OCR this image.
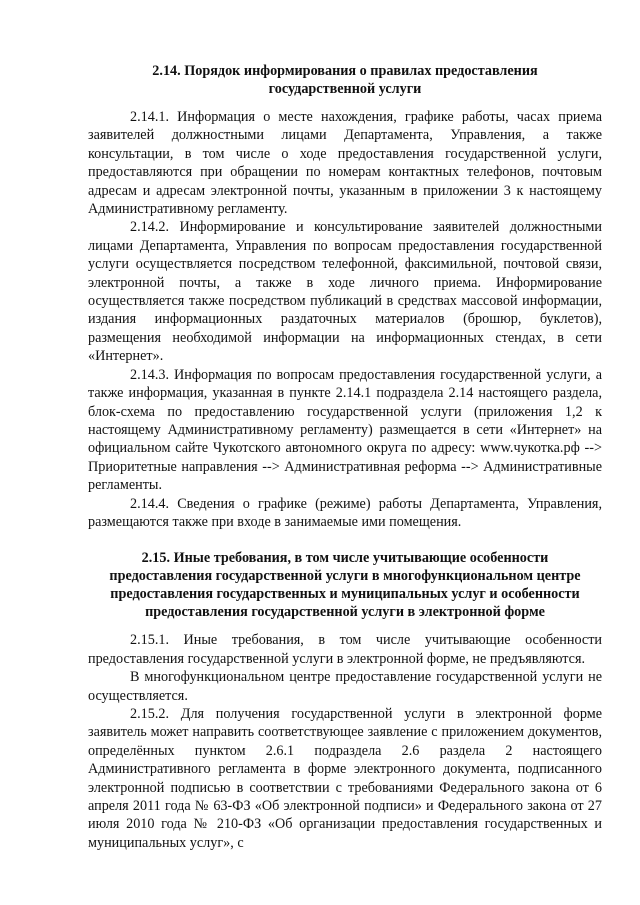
2.14. Порядок информирования о правилах предоставления
государственной услуги

2.14.1. Информация о месте нахождения, графике работы, часах приема заявителей должностными лицами Департамента, Управления, а также консультации, в том числе о ходе предоставления государственной услуги, предоставляются при обращении по номерам контактных телефонов, почтовым адресам и адресам электронной почты, указанным в приложении 3 к настоящему Административному регламенту.

2.14.2. Информирование и консультирование заявителей должностными лицами Департамента, Управления по вопросам предоставления государственной услуги осуществляется посредством телефонной, факсимильной, почтовой связи, электронной почты, а также в ходе личного приема. Информирование осуществляется также посредством публикаций в средствах массовой информации, издания информационных раздаточных материалов (брошюр, буклетов), размещения необходимой информации на информационных стендах, в сети «Интернет».

2.14.3. Информация по вопросам предоставления государственной услуги, а также информация, указанная в пункте 2.14.1 подраздела 2.14 настоящего раздела, блок-схема по предоставлению государственной услуги (приложения 1,2 к настоящему Административному регламенту) размещается в сети «Интернет» на официальном сайте Чукотского автономного округа по адресу: www.чукотка.рф --> Приоритетные направления --> Административная реформа --> Административные регламенты.

2.14.4. Сведения о графике (режиме) работы Департамента, Управления, размещаются также при входе в занимаемые ими помещения.

2.15. Иные требования, в том числе учитывающие особенности
предоставления государственной услуги в многофункциональном центре
предоставления государственных и муниципальных услуг и особенности
предоставления государственной услуги в электронной форме

2.15.1. Иные требования, в том числе учитывающие особенности предоставления государственной услуги в электронной форме, не предъявляются.

В многофункциональном центре предоставление государственной услуги не осуществляется.

2.15.2. Для получения государственной услуги в электронной форме заявитель может направить соответствующее заявление с приложением документов, определённых пунктом 2.6.1 подраздела 2.6 раздела 2 настоящего Административного регламента в форме электронного документа, подписанного электронной подписью в соответствии с требованиями Федерального закона от 6 апреля 2011 года № 63-ФЗ «Об электронной подписи» и Федерального закона от 27 июля 2010 года № 210-ФЗ «Об организации предоставления государственных и муниципальных услуг», с
